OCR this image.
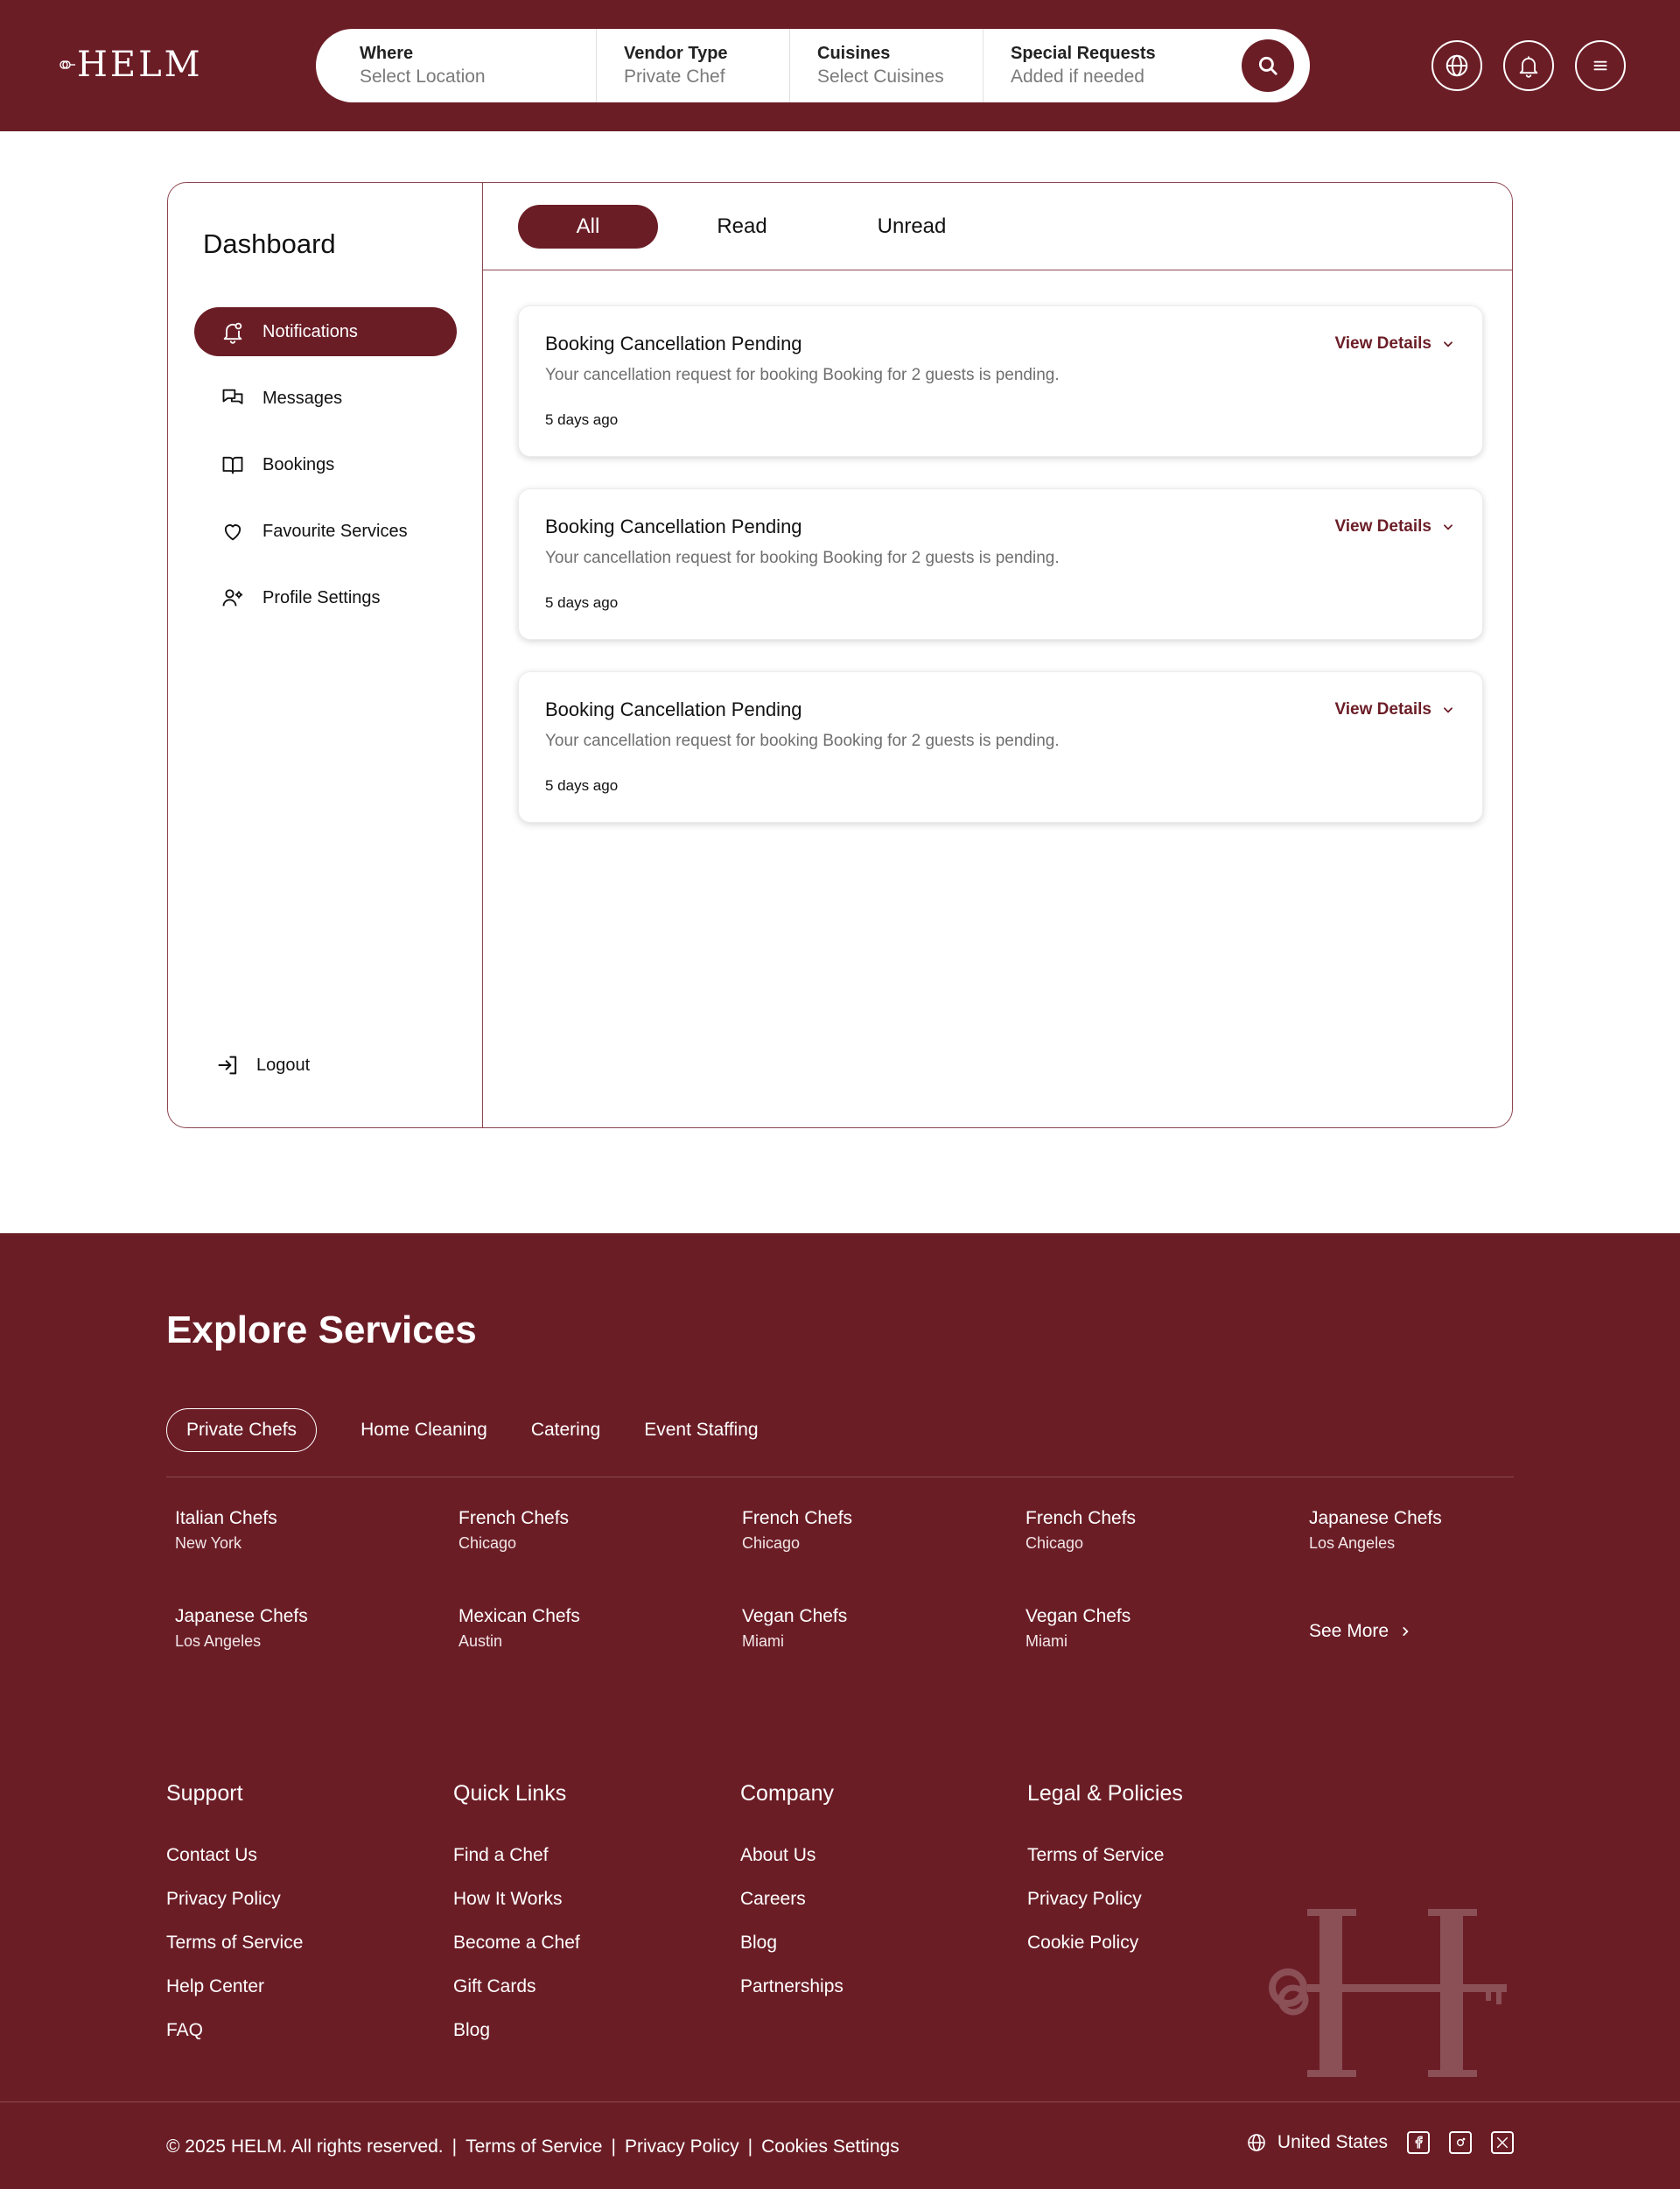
HELM	Where
Select Location
Vendor Type
Private Chef
Cuisines
Select Cuisines
Special Requests
Added if needed
Dashboard
Notifications
Messages
Bookings
Favourite Services
Profile Settings
Logout
All	Read	Unread
Booking Cancellation Pending
Your cancellation request for booking Booking for 2 guests is pending.
5 days ago
View Details
Booking Cancellation Pending
Your cancellation request for booking Booking for 2 guests is pending.
5 days ago
View Details
Booking Cancellation Pending
Your cancellation request for booking Booking for 2 guests is pending.
5 days ago
View Details
Explore Services
Private Chefs	Home Cleaning Catering Event Staffing
Italian Chefs
New York
French Chefs
Chicago
French Chefs
Chicago
French Chefs
Chicago
Japanese Chefs
Los Angeles
Japanese Chefs
Los Angeles
Mexican Chefs
Austin
Vegan Chefs
Miami
Vegan Chefs
Miami	See More
Support
Contact Us
Privacy Policy
Terms of Service
Help Center
FAQ
Quick Links
Find a Chef
How It Works
Become a Chef
Gift Cards
Blog
Company
About Us
Careers
Blog
Partnerships
Legal & Policies
Terms of Service
Privacy Policy
Cookie Policy
© 2025 HELM. All rights reserved. | Terms of Service | Privacy Policy | Cookies Settings	United States
